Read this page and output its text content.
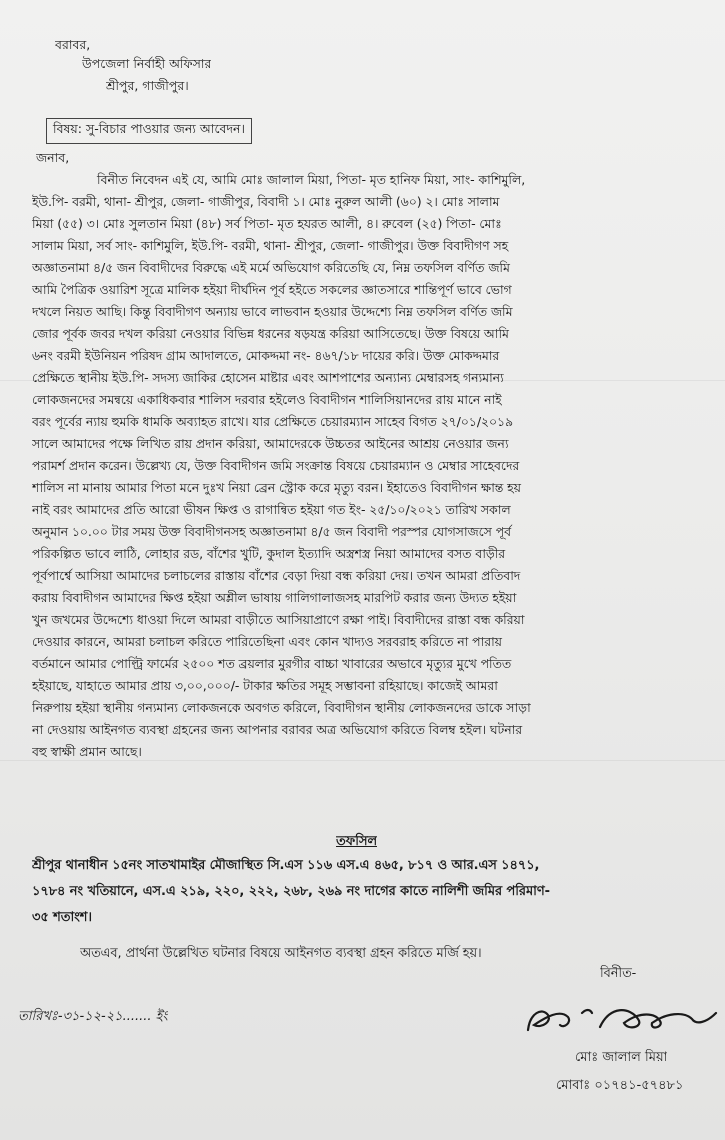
বরাবর,
উপজেলা নির্বাহী অফিসার
শ্রীপুর, গাজীপুর।
বিষয়: সু-বিচার পাওয়ার জন্য আবেদন।
জনাব,
বিনীত নিবেদন এই যে, আমি মোঃ জালাল মিয়া, পিতা- মৃত হানিফ মিয়া, সাং- কাশিমুলি,
ইউ.পি- বরমী, থানা- শ্রীপুর, জেলা- গাজীপুর, বিবাদী ১। মোঃ নুরুল আলী (৬০) ২। মোঃ সালাম
মিয়া (৫৫) ৩। মোঃ সুলতান মিয়া (৪৮) সর্ব পিতা- মৃত হযরত আলী, ৪। রুবেল (২৫) পিতা- মোঃ
সালাম মিয়া, সর্ব সাং- কাশিমুলি, ইউ.পি- বরমী, থানা- শ্রীপুর, জেলা- গাজীপুর। উক্ত বিবাদীগণ সহ
অজ্ঞাতনামা ৪/৫ জন বিবাদীদের বিরুদ্ধে এই মর্মে অভিযোগ করিতেছি যে, নিম্ন তফসিল বর্ণিত জমি
আমি পৈত্রিক ওয়ারিশ সূত্রে মালিক হইয়া দীর্ঘদিন পূর্ব হইতে সকলের জ্ঞাতসারে শান্তিপূর্ণ ভাবে ভোগ
দখলে নিয়ত আছি। কিন্তু বিবাদীগণ অন্যায় ভাবে লাভবান হওয়ার উদ্দেশ্যে নিম্ন তফসিল বর্ণিত জমি
জোর পূর্বক জবর দখল করিয়া নেওয়ার বিভিন্ন ধরনের ষড়যন্ত্র করিয়া আসিতেছে। উক্ত বিষয়ে আমি
৬নং বরমী ইউনিয়ন পরিষদ গ্রাম আদালতে, মোকদ্দমা নং- ৪৬৭/১৮ দায়ের করি। উক্ত মোকদ্দমার
প্রেক্ষিতে স্থানীয় ইউ.পি- সদস্য জাকির হোসেন মাষ্টার এবং আশপাশের অন্যান্য মেম্বারসহ গন্যমান্য
লোকজনদের সমন্বয়ে একাধিকবার শালিস দরবার হইলেও বিবাদীগন শালিসিয়ানদের রায় মানে নাই
বরং পূর্বের ন্যায় হুমকি ধামকি অব্যাহত রাখে। যার প্রেক্ষিতে চেয়ারম্যান সাহেব বিগত ২৭/০১/২০১৯
সালে আমাদের পক্ষে লিখিত রায় প্রদান করিয়া, আমাদেরকে উচ্চতর আইনের আশ্রয় নেওয়ার জন্য
পরামর্শ প্রদান করেন। উল্লেখ্য যে, উক্ত বিবাদীগন জমি সংক্রান্ত বিষয়ে চেয়ারম্যান ও মেম্বার সাহেবদের
শালিস না মানায় আমার পিতা মনে দুঃখ নিয়া ব্রেন স্ট্রোক করে মৃত্যু বরন। ইহাতেও বিবাদীগন ক্ষান্ত হয়
নাই বরং আমাদের প্রতি আরো ভীষন ক্ষিপ্ত ও রাগান্বিত হইয়া গত ইং- ২৫/১০/২০২১ তারিখ সকাল
অনুমান ১০.০০ টার সময় উক্ত বিবাদীগনসহ অজ্ঞাতনামা ৪/৫ জন বিবাদী পরস্পর যোগসাজসে পূর্ব
পরিকল্পিত ভাবে লাঠি, লোহার রড, বাঁশের খুটি, কুদাল ইত্যাদি অস্ত্রশস্ত্র নিয়া আমাদের বসত বাড়ীর
পূর্বপার্শ্বে আসিয়া আমাদের চলাচলের রাস্তায় বাঁশের বেড়া দিয়া বন্ধ করিয়া দেয়। তখন আমরা প্রতিবাদ
করায় বিবাদীগন আমাদের ক্ষিপ্ত হইয়া অশ্লীল ভাষায় গালিগালাজসহ মারপিট করার জন্য উদ্যত হইয়া
খুন জখমের উদ্দেশ্যে ধাওয়া দিলে আমরা বাড়ীতে আসিয়াপ্রাণে রক্ষা পাই। বিবাদীদের রাস্তা বন্ধ করিয়া
দেওয়ার কারনে, আমরা চলাচল করিতে পারিতেছিনা এবং কোন খাদ্যও সরবরাহ করিতে না পারায়
বর্তমানে আমার পোল্ট্রি ফার্মের ২৫০০ শত ব্রয়লার মুরগীর বাচ্চা খাবারের অভাবে মৃত্যুর মুখে পতিত
হইয়াছে, যাহাতে আমার প্রায় ৩,০০,০০০/- টাকার ক্ষতির সমূহ সম্ভাবনা রহিয়াছে। কাজেই আমরা
নিরুপায় হইয়া স্থানীয় গন্যমান্য লোকজনকে অবগত করিলে, বিবাদীগন স্থানীয় লোকজনদের ডাকে সাড়া
না দেওয়ায় আইনগত ব্যবস্থা গ্রহনের জন্য আপনার বরাবর অত্র অভিযোগ করিতে বিলম্ব হইল। ঘটনার
বহু স্বাক্ষী প্রমান আছে।
তফসিল
শ্রীপুর থানাধীন ১৫নং সাতখামাইর মৌজাস্থিত সি.এস ১১৬ এস.এ ৪৬৫, ৮১৭ ও আর.এস ১৪৭১,
১৭৮৪ নং খতিয়ানে, এস.এ ২১৯, ২২০, ২২২, ২৬৮, ২৬৯ নং দাগের কাতে নালিশী জমির পরিমাণ-
৩৫ শতাংশ।
অতএব, প্রার্থনা উল্লেখিত ঘটনার বিষয়ে আইনগত ব্যবস্থা গ্রহন করিতে মর্জি হয়।
বিনীত-
তারিখঃ-৩১-১২-২১....... ইং
মোঃ জালাল
মোঃ জালাল মিয়া
মোবাঃ ০১৭৪১-৫৭৪৮১
